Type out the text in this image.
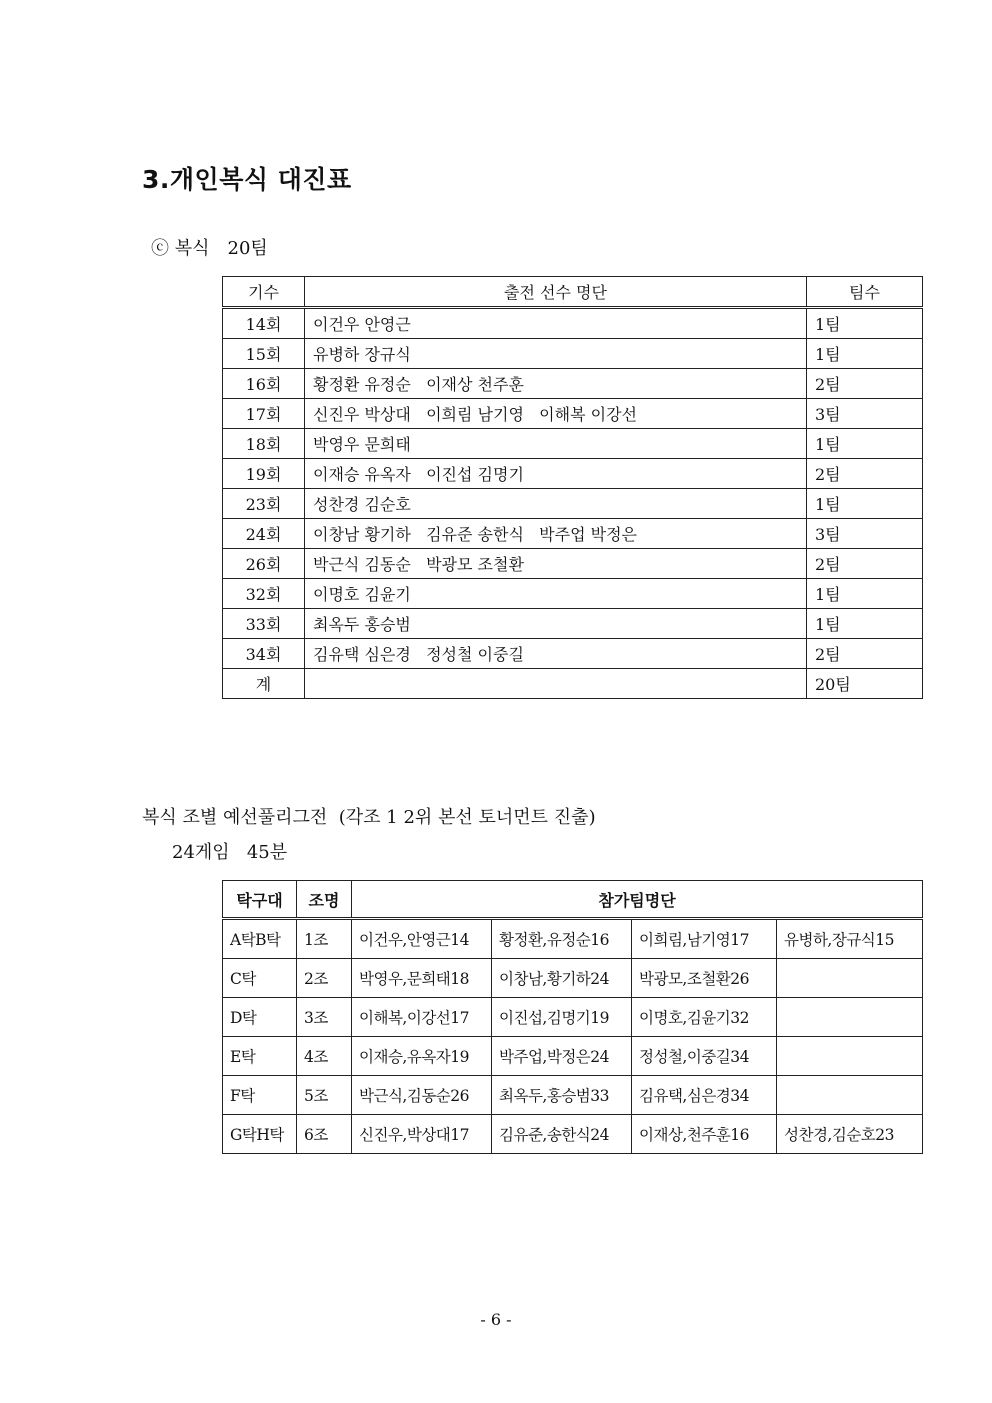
3.개인복식 대진표
ⓒ 복식 20팀
기수	출전 선수 명단	팀수
14회	이건우 안영근	1팀
15회	유병하 장규식	1팀
16회	황정환 유정순   이재상 천주훈	2팀
17회	신진우 박상대   이희림 남기영   이해복 이강선	3팀
18회	박영우 문희태	1팀
19회	이재승 유옥자   이진섭 김명기	2팀
23회	성찬경 김순호	1팀
24회	이창남 황기하   김유준 송한식   박주업 박정은	3팀
26회	박근식 김동순   박광모 조철환	2팀
32회	이명호 김윤기	1팀
33회	최옥두 홍승범	1팀
34회	김유택 심은경   정성철 이중길	2팀
계		20팀
복식 조별 예선풀리그전  (각조 1 2위 본선 토너먼트 진출)
24게임   45분
탁구대	조명	참가팀명단			
A탁B탁	1조	이건우,안영근14	황정환,유정순16	이희림,남기영17	유병하,장규식15
C탁	2조	박영우,문희태18	이창남,황기하24	박광모,조철환26	
D탁	3조	이해복,이강선17	이진섭,김명기19	이명호,김윤기32	
E탁	4조	이재승,유옥자19	박주업,박정은24	정성철,이중길34	
F탁	5조	박근식,김동순26	최옥두,홍승범33	김유택,심은경34	
G탁H탁	6조	신진우,박상대17	김유준,송한식24	이재상,천주훈16	성찬경,김순호23
- 6 -
